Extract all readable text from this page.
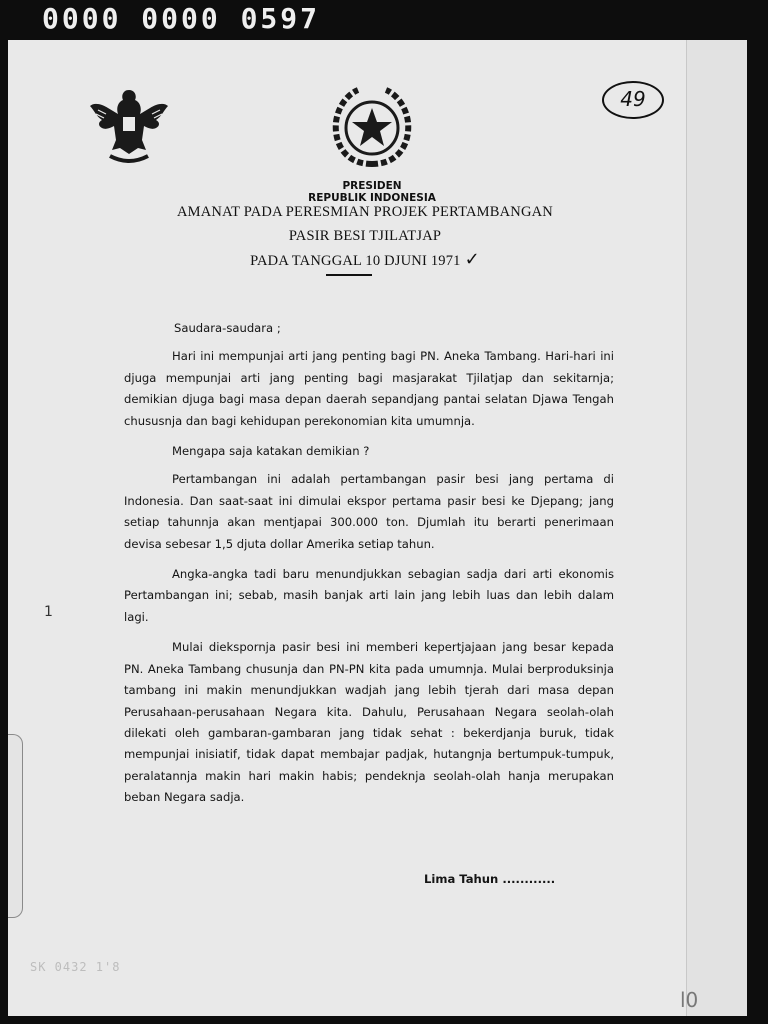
0000 0000 0597
49
PRESIDEN
REPUBLIK INDONESIA
AMANAT PADA PERESMIAN PROJEK PERTAMBANGAN
PASIR BESI TJILATJAP
PADA TANGGAL 10 DJUNI 1971 ✓

Saudara-saudara ;

Hari ini mempunjai arti jang penting bagi PN. Aneka Tambang. Hari-hari ini djuga mempunjai arti jang penting bagi masjarakat Tjilatjap dan sekitarnja; demikian djuga bagi masa depan daerah sepandjang pantai selatan Djawa Tengah chususnja dan bagi kehidupan perekonomian kita umumnja.

Mengapa saja katakan demikian ?

Pertambangan ini adalah pertambangan pasir besi jang pertama di Indonesia. Dan saat-saat ini dimulai ekspor pertama pasir besi ke Djepang; jang setiap tahunnja akan mentjapai 300.000 ton. Djumlah itu berarti penerimaan devisa sebesar 1,5 djuta dollar Amerika setiap tahun.

Angka-angka tadi baru menundjukkan sebagian sadja dari arti ekonomis Pertambangan ini; sebab, masih banjak arti lain jang lebih luas dan lebih dalam lagi.

Mulai diekspornja pasir besi ini memberi kepertjajaan jang besar kepada PN. Aneka Tambang chusunja dan PN-PN kita pada umumnja. Mulai berproduksinja tambang ini makin menundjukkan wadjah jang lebih tjerah dari masa depan Perusahaan-perusahaan Negara kita. Dahulu, Perusahaan Negara seolah-olah dilekati oleh gambaran-gambaran jang tidak sehat : bekerdjanja buruk, tidak mempunjai inisiatif, tidak dapat membajar padjak, hutangnja bertumpuk-tumpuk, peralatannja makin hari makin habis; pendeknja seolah-olah hanja merupakan beban Negara sadja.

Lima Tahun ............
1
SK 0432 1'8
l0
